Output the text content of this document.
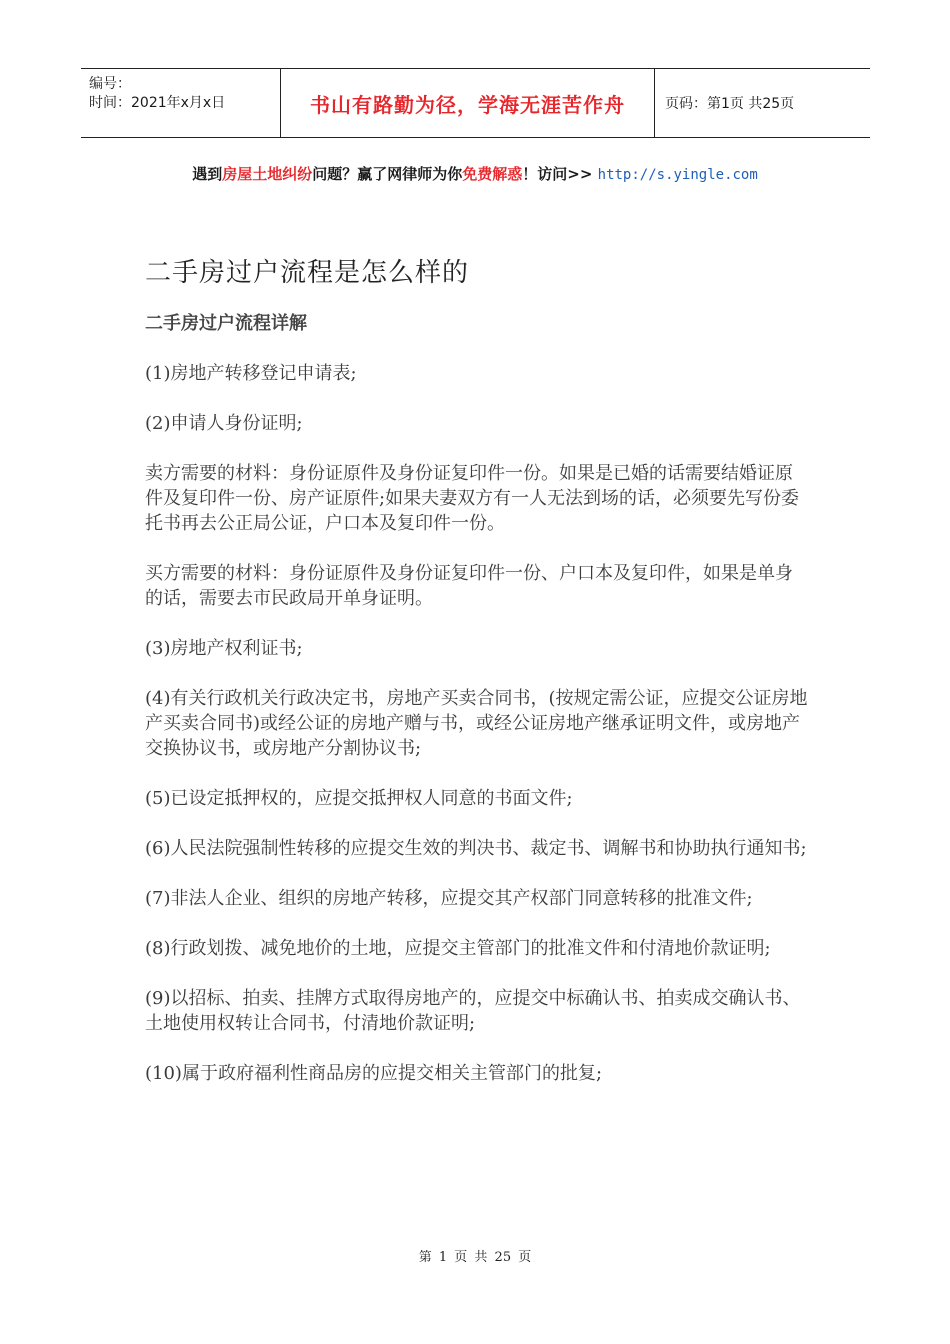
编号：
时间：2021年x月x日	书山有路勤为径，学海无涯苦作舟	页码：第1页 共25页
遇到房屋土地纠纷问题？赢了网律师为你免费解惑！访问>> http://s.yingle.com
二手房过户流程是怎么样的
二手房过户流程详解
(1)房地产转移登记申请表;
(2)申请人身份证明;
卖方需要的材料：身份证原件及身份证复印件一份。如果是已婚的话需要结婚证原件及复印件一份、房产证原件;如果夫妻双方有一人无法到场的话，必须要先写份委托书再去公正局公证，户口本及复印件一份。
买方需要的材料：身份证原件及身份证复印件一份、户口本及复印件，如果是单身的话，需要去市民政局开单身证明。
(3)房地产权利证书;
(4)有关行政机关行政决定书，房地产买卖合同书，(按规定需公证，应提交公证房地产买卖合同书)或经公证的房地产赠与书，或经公证房地产继承证明文件，或房地产交换协议书，或房地产分割协议书;
(5)已设定抵押权的，应提交抵押权人同意的书面文件;
(6)人民法院强制性转移的应提交生效的判决书、裁定书、调解书和协助执行通知书;
(7)非法人企业、组织的房地产转移，应提交其产权部门同意转移的批准文件;
(8)行政划拨、减免地价的土地，应提交主管部门的批准文件和付清地价款证明;
(9)以招标、拍卖、挂牌方式取得房地产的，应提交中标确认书、拍卖成交确认书、土地使用权转让合同书，付清地价款证明;
(10)属于政府福利性商品房的应提交相关主管部门的批复;
第 1 页 共 25 页
